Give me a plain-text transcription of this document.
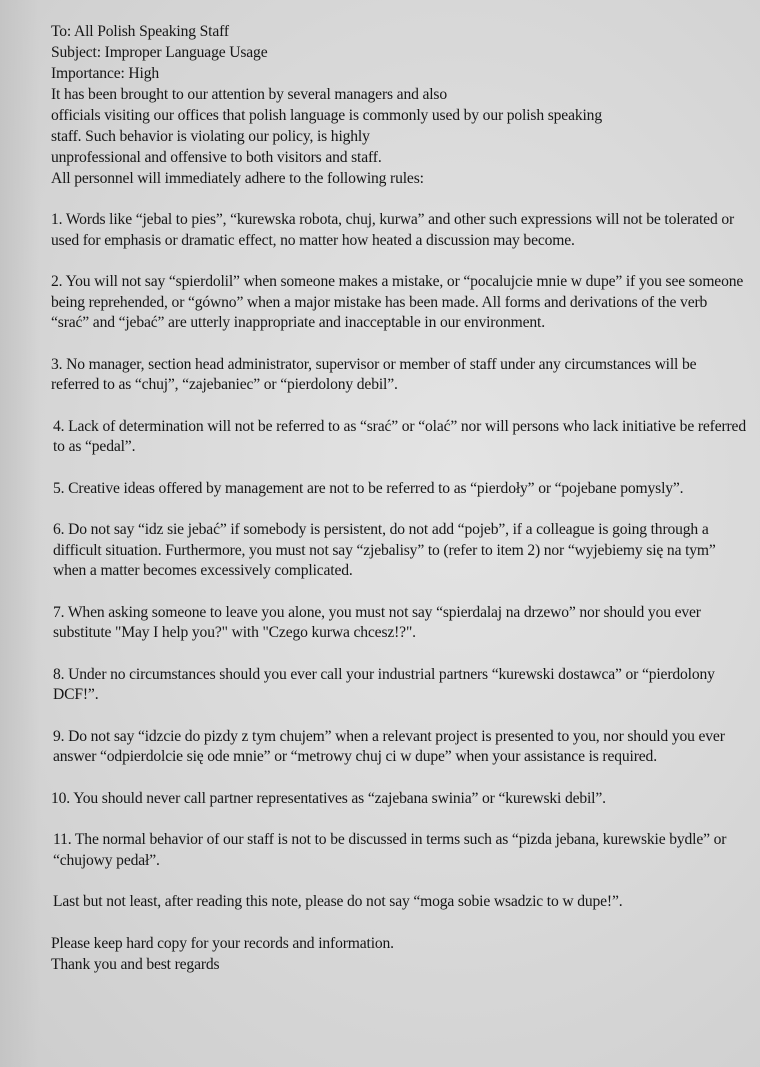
To: All Polish Speaking Staff
Subject: Improper Language Usage
Importance: High
It has been brought to our attention by several managers and also
officials visiting our offices that polish language is commonly used by our polish speaking
staff. Such behavior is violating our policy, is highly
unprofessional and offensive to both visitors and staff.
All personnel will immediately adhere to the following rules:
1. Words like “jebal to pies”, “kurewska robota, chuj, kurwa” and other such expressions will not be tolerated or used for emphasis or dramatic effect, no matter how heated a discussion may become.
2. You will not say “spierdolil” when someone makes a mistake, or “pocalujcie mnie w dupe” if you see someone being reprehended, or “gówno” when a major mistake has been made. All forms and derivations of the verb “srać” and “jebać” are utterly inappropriate and inacceptable in our environment.
3. No manager, section head administrator, supervisor or member of staff under any circumstances will be referred to as “chuj”, “zajebaniec” or “pierdolony debil”.
4. Lack of determination will not be referred to as “srać” or “olać” nor will persons who lack initiative be referred to as “pedal”.
5. Creative ideas offered by management are not to be referred to as “pierdoły” or “pojebane pomysly”.
6. Do not say “idz sie jebać” if somebody is persistent, do not add “pojeb”, if a colleague is going through a difficult situation. Furthermore, you must not say “zjebalisy” to (refer to item 2) nor “wyjebiemy się na tym” when a matter becomes excessively complicated.
7. When asking someone to leave you alone, you must not say “spierdalaj na drzewo” nor should you ever substitute "May I help you?" with "Czego kurwa chcesz!?".
8. Under no circumstances should you ever call your industrial partners “kurewski dostawca” or “pierdolony DCF!”.
9. Do not say “idzcie do pizdy z tym chujem” when a relevant project is presented to you, nor should you ever answer “odpierdolcie się ode mnie” or “metrowy chuj ci w dupe” when your assistance is required.
10. You should never call partner representatives as “zajebana swinia” or “kurewski debil”.
11. The normal behavior of our staff is not to be discussed in terms such as “pizda jebana, kurewskie bydle” or “chujowy pedał”.
Last but not least, after reading this note, please do not say “moga sobie wsadzic to w dupe!”.
Please keep hard copy for your records and information.
Thank you and best regards
